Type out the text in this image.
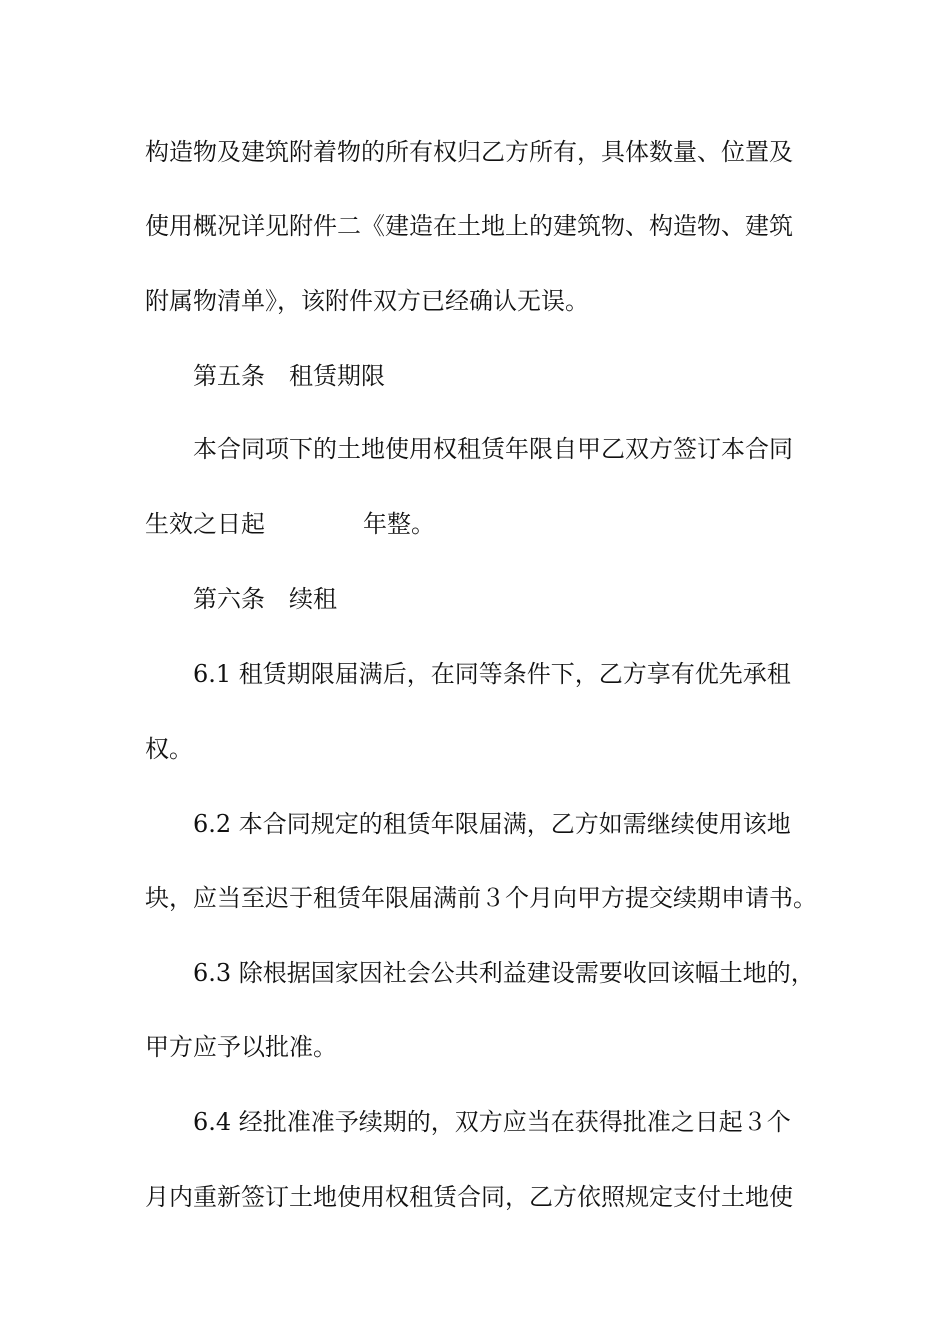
构造物及建筑附着物的所有权归乙方所有，具体数量、位置及
使用概况详见附件二《建造在土地上的建筑物、构造物、建筑
附属物清单》，该附件双方已经确认无误。
第五条　租赁期限
本合同项下的土地使用权租赁年限自甲乙双方签订本合同
生效之日起	年整。
第六条　续租
6.1 租赁期限届满后，在同等条件下，乙方享有优先承租
权。
6.2 本合同规定的租赁年限届满，乙方如需继续使用该地
块，应当至迟于租赁年限届满前３个月向甲方提交续期申请书。
6.3 除根据国家因社会公共利益建设需要收回该幅土地的，
甲方应予以批准。
6.4 经批准准予续期的，双方应当在获得批准之日起３个
月内重新签订土地使用权租赁合同，乙方依照规定支付土地使
